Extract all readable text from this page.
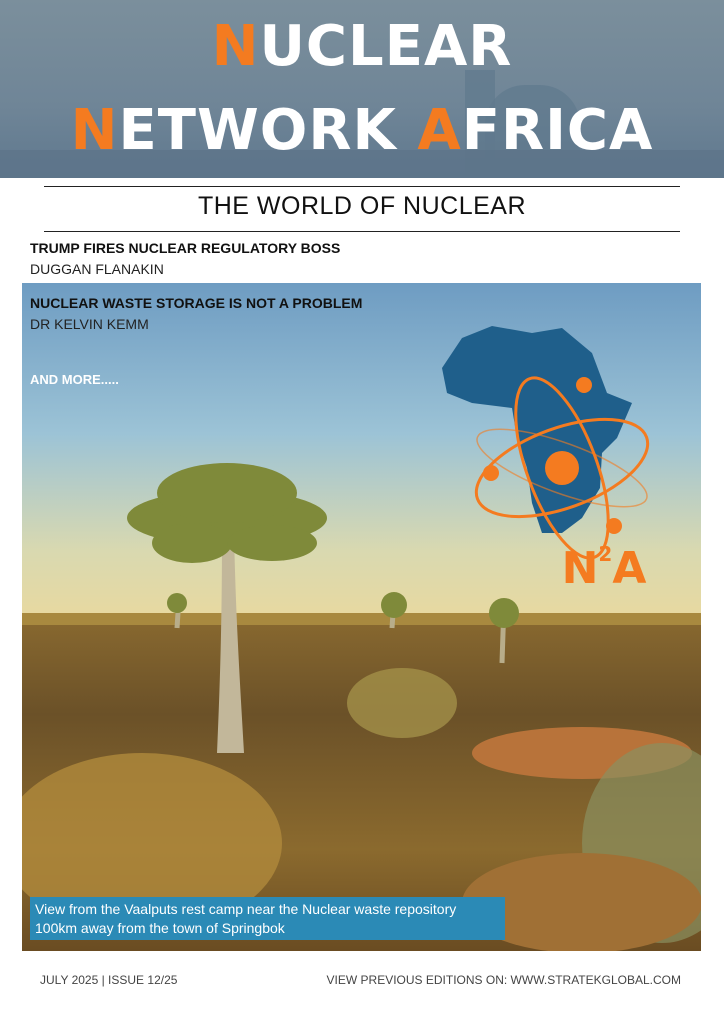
NUCLEAR
NETWORK AFRICA
THE WORLD OF NUCLEAR
TRUMP FIRES NUCLEAR REGULATORY BOSS
DUGGAN FLANAKIN
NUCLEAR WASTE STORAGE IS NOT A PROBLEM
DR KELVIN KEMM
AND MORE.....
$N^2A$
View from the Vaalputs rest camp near the Nuclear waste repository
100km away from the town of Springbok
JULY 2025 | ISSUE 12/25	VIEW PREVIOUS EDITIONS ON: WWW.STRATEKGLOBAL.COM
